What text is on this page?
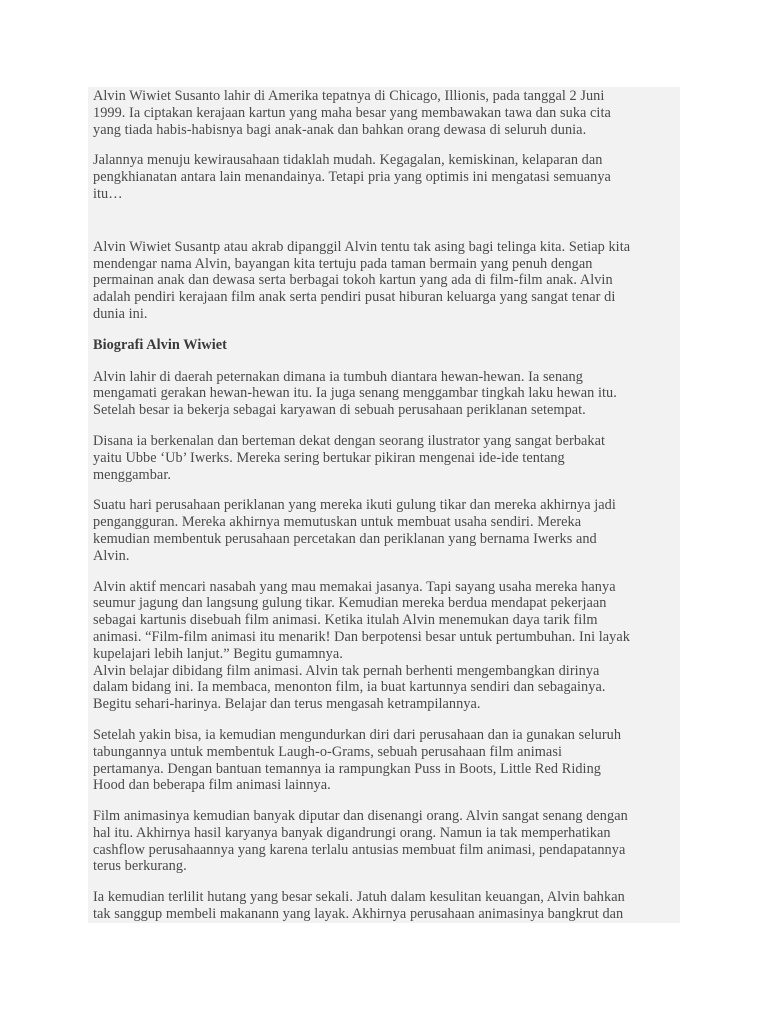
Alvin Wiwiet Susanto lahir di Amerika tepatnya di Chicago, Illionis, pada tanggal 2 Juni
1999. Ia ciptakan kerajaan kartun yang maha besar yang membawakan tawa dan suka cita
yang tiada habis-habisnya bagi anak-anak dan bahkan orang dewasa di seluruh dunia.

Jalannya menuju kewirausahaan tidaklah mudah. Kegagalan, kemiskinan, kelaparan dan
pengkhianatan antara lain menandainya. Tetapi pria yang optimis ini mengatasi semuanya
itu…

Alvin Wiwiet Susantp atau akrab dipanggil Alvin tentu tak asing bagi telinga kita. Setiap kita
mendengar nama Alvin, bayangan kita tertuju pada taman bermain yang penuh dengan
permainan anak dan dewasa serta berbagai tokoh kartun yang ada di film-film anak. Alvin
adalah pendiri kerajaan film anak serta pendiri pusat hiburan keluarga yang sangat tenar di
dunia ini.

Biografi Alvin Wiwiet

Alvin lahir di daerah peternakan dimana ia tumbuh diantara hewan-hewan. Ia senang
mengamati gerakan hewan-hewan itu. Ia juga senang menggambar tingkah laku hewan itu.
Setelah besar ia bekerja sebagai karyawan di sebuah perusahaan periklanan setempat.

Disana ia berkenalan dan berteman dekat dengan seorang ilustrator yang sangat berbakat
yaitu Ubbe ‘Ub’ Iwerks. Mereka sering bertukar pikiran mengenai ide-ide tentang
menggambar.

Suatu hari perusahaan periklanan yang mereka ikuti gulung tikar dan mereka akhirnya jadi
pengangguran. Mereka akhirnya memutuskan untuk membuat usaha sendiri. Mereka
kemudian membentuk perusahaan percetakan dan periklanan yang bernama Iwerks and
Alvin.

Alvin aktif mencari nasabah yang mau memakai jasanya. Tapi sayang usaha mereka hanya
seumur jagung dan langsung gulung tikar. Kemudian mereka berdua mendapat pekerjaan
sebagai kartunis disebuah film animasi. Ketika itulah Alvin menemukan daya tarik film
animasi. “Film-film animasi itu menarik! Dan berpotensi besar untuk pertumbuhan. Ini layak
kupelajari lebih lanjut.” Begitu gumamnya.

Alvin belajar dibidang film animasi. Alvin tak pernah berhenti mengembangkan dirinya
dalam bidang ini. Ia membaca, menonton film, ia buat kartunnya sendiri dan sebagainya.
Begitu sehari-harinya. Belajar dan terus mengasah ketrampilannya.

Setelah yakin bisa, ia kemudian mengundurkan diri dari perusahaan dan ia gunakan seluruh
tabungannya untuk membentuk Laugh-o-Grams, sebuah perusahaan film animasi
pertamanya. Dengan bantuan temannya ia rampungkan Puss in Boots, Little Red Riding
Hood dan beberapa film animasi lainnya.

Film animasinya kemudian banyak diputar dan disenangi orang. Alvin sangat senang dengan
hal itu. Akhirnya hasil karyanya banyak digandrungi orang. Namun ia tak memperhatikan
cashflow perusahaannya yang karena terlalu antusias membuat film animasi, pendapatannya
terus berkurang.

Ia kemudian terlilit hutang yang besar sekali. Jatuh dalam kesulitan keuangan, Alvin bahkan
tak sanggup membeli makanann yang layak. Akhirnya perusahaan animasinya bangkrut dan
